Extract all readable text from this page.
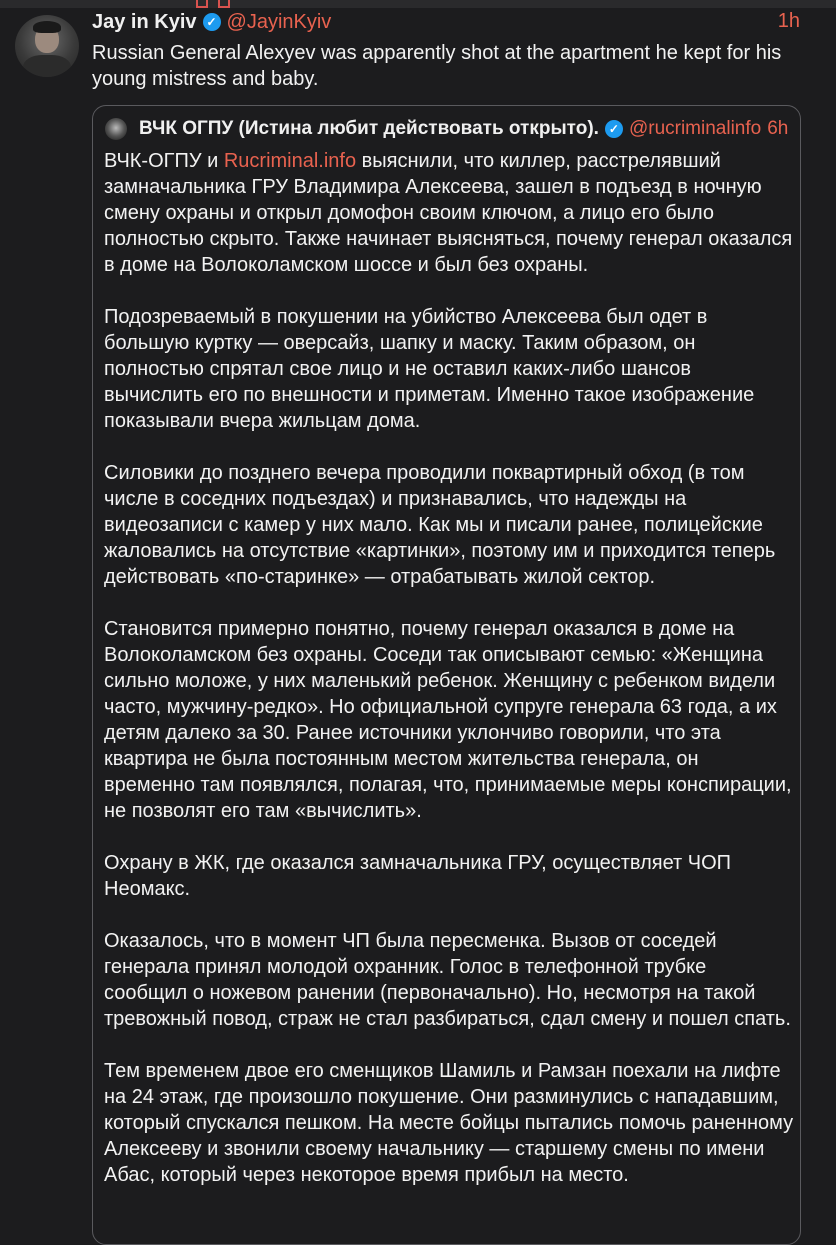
Jay in Kyiv ✓ @JayinKyiv	1h
Russian General Alexyev was apparently shot at the apartment he kept for his young mistress and baby.
ВЧК ОГПУ (Истина любит действовать открыто). ✓ @rucriminalinfo 6h

ВЧК-ОГПУ и Rucriminal.info выяснили, что киллер, расстрелявший замначальника ГРУ Владимира Алексеева, зашел в подъезд в ночную смену охраны и открыл домофон своим ключом, а лицо его было полностью скрыто. Также начинает выясняться, почему генерал оказался в доме на Волоколамском шоссе и был без охраны.

Подозреваемый в покушении на убийство Алексеева был одет в большую куртку — оверсайз, шапку и маску. Таким образом, он полностью спрятал свое лицо и не оставил каких-либо шансов вычислить его по внешности и приметам. Именно такое изображение показывали вчера жильцам дома.

Силовики до позднего вечера проводили поквартирный обход (в том числе в соседних подъездах) и признавались, что надежды на видеозаписи с камер у них мало. Как мы и писали ранее, полицейские жаловались на отсутствие «картинки», поэтому им и приходится теперь действовать «по-старинке» — отрабатывать жилой сектор.

Становится примерно понятно, почему генерал оказался в доме на Волоколамском без охраны. Соседи так описывают семью: «Женщина сильно моложе, у них маленький ребенок. Женщину с ребенком видели часто, мужчину-редко». Но официальной супруге генерала 63 года, а их детям далеко за 30. Ранее источники уклончиво говорили, что эта квартира не была постоянным местом жительства генерала, он временно там появлялся, полагая, что, принимаемые меры конспирации, не позволят его там «вычислить».

Охрану в ЖК, где оказался замначальника ГРУ, осуществляет ЧОП Неомакс.

Оказалось, что в момент ЧП была пересменка. Вызов от соседей генерала принял молодой охранник. Голос в телефонной трубке сообщил о ножевом ранении (первоначально). Но, несмотря на такой тревожный повод, страж не стал разбираться, сдал смену и пошел спать.

Тем временем двое его сменщиков Шамиль и Рамзан поехали на лифте на 24 этаж, где произошло покушение. Они разминулись с нападавшим, который спускался пешком. На месте бойцы пытались помочь раненному Алексееву и звонили своему начальнику — старшему смены по имени Абас, который через некоторое время прибыл на место.
